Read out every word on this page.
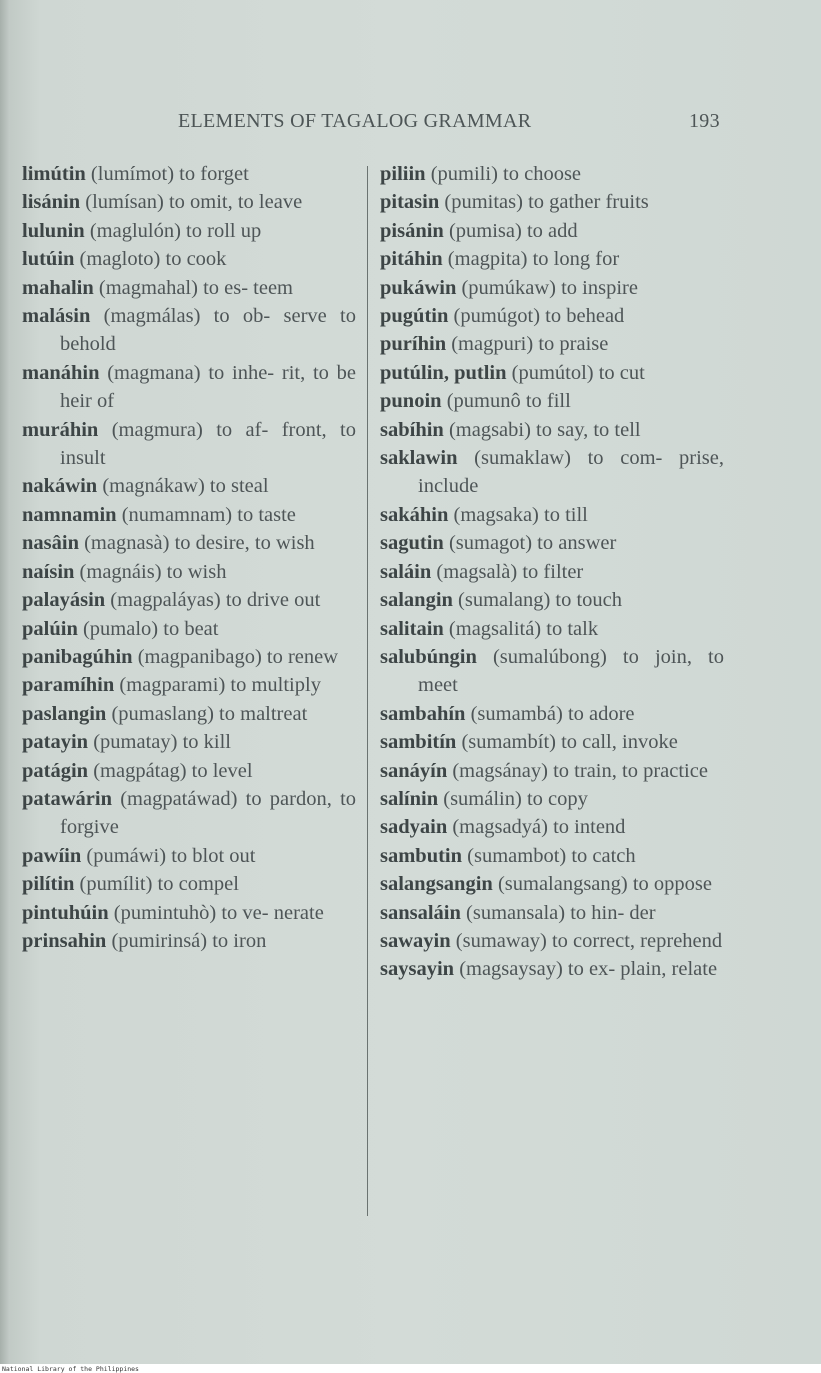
ELEMENTS OF TAGALOG GRAMMAR	193
limútin (lumímot) to forget
lisánin (lumísan) to omit, to leave
lulunin (maglulón) to roll up
lutúin (magloto) to cook
mahalin (magmahal) to es- teem
malásin (magmálas) to ob- serve to behold
manáhin (magmana) to inhe- rit, to be heir of
muráhin (magmura) to af- front, to insult
nakáwin (magnákaw) to steal
namnamin (numamnam) to taste
nasâin (magnasà) to desire, to wish
naísin (magnáis) to wish
palayásin (magpaláyas) to drive out
palúin (pumalo) to beat
panibagúhin (magpanibago) to renew
paramíhin (magparami) to multiply
paslangin (pumaslang) to maltreat
patayin (pumatay) to kill
patágin (magpátag) to level
patawárin (magpatáwad) to pardon, to forgive
pawíin (pumáwi) to blot out
pilítin (pumílit) to compel
pintuhúin (pumintuhò) to ve- nerate
prinsahin (pumirinsá) to iron
piliin (pumili) to choose
pitasin (pumitas) to gather fruits
pisánin (pumisa) to add
pitáhin (magpita) to long for
pukáwin (pumúkaw) to inspire
pugútin (pumúgot) to behead
puríhin (magpuri) to praise
putúlin, putlin (pumútol) to cut
punoin (pumunô to fill
sabíhin (magsabi) to say, to tell
saklawin (sumaklaw) to com- prise, include
sakáhin (magsaka) to till
sagutin (sumagot) to answer
saláin (magsalà) to filter
salangin (sumalang) to touch
salitain (magsalitá) to talk
salubúngin (sumalúbong) to join, to meet
sambahín (sumambá) to adore
sambitín (sumambít) to call, invoke
sanáyín (magsánay) to train, to practice
salínin (sumálin) to copy
sadyain (magsadyá) to intend
sambutin (sumambot) to catch
salangsangin (sumalangsang) to oppose
sansaláin (sumansala) to hin- der
sawayin (sumaway) to correct, reprehend
saysayin (magsaysay) to ex- plain, relate
National Library of the Philippines
